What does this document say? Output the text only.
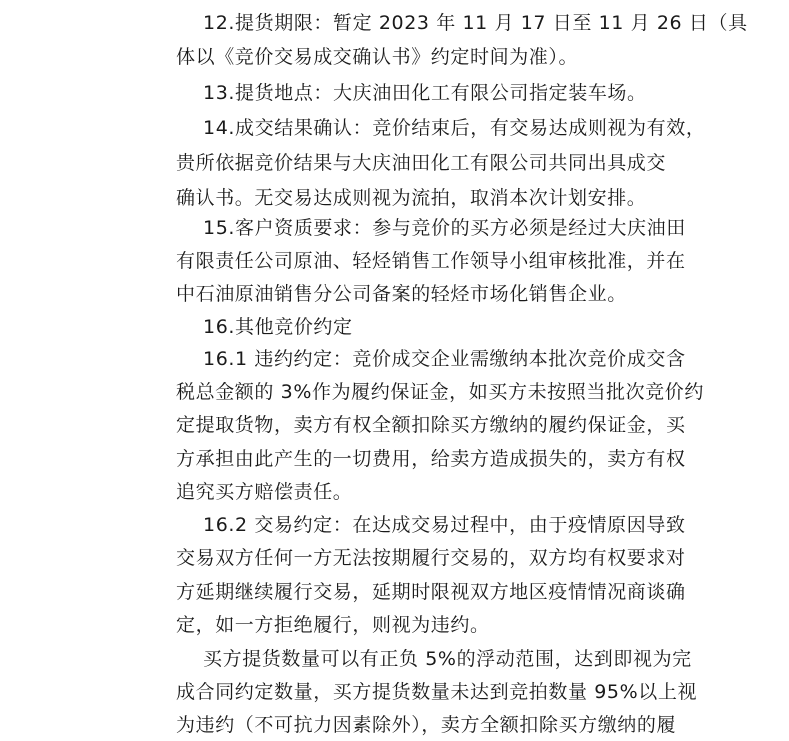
12.提货期限：暂定 2023 年 11 月 17 日至 11 月 26 日（具
体以《竞价交易成交确认书》约定时间为准）。
13.提货地点：大庆油田化工有限公司指定装车场。
14.成交结果确认：竞价结束后，有交易达成则视为有效，
贵所依据竞价结果与大庆油田化工有限公司共同出具成交
确认书。无交易达成则视为流拍，取消本次计划安排。
15.客户资质要求：参与竞价的买方必须是经过大庆油田
有限责任公司原油、轻烃销售工作领导小组审核批准，并在
中石油原油销售分公司备案的轻烃市场化销售企业。
16.其他竞价约定
16.1 违约约定：竞价成交企业需缴纳本批次竞价成交含
税总金额的 3%作为履约保证金，如买方未按照当批次竞价约
定提取货物，卖方有权全额扣除买方缴纳的履约保证金，买
方承担由此产生的一切费用，给卖方造成损失的，卖方有权
追究买方赔偿责任。
16.2 交易约定：在达成交易过程中，由于疫情原因导致
交易双方任何一方无法按期履行交易的，双方均有权要求对
方延期继续履行交易，延期时限视双方地区疫情情况商谈确
定，如一方拒绝履行，则视为违约。
买方提货数量可以有正负 5%的浮动范围，达到即视为完
成合同约定数量，买方提货数量未达到竞拍数量 95%以上视
为违约（不可抗力因素除外），卖方全额扣除买方缴纳的履
